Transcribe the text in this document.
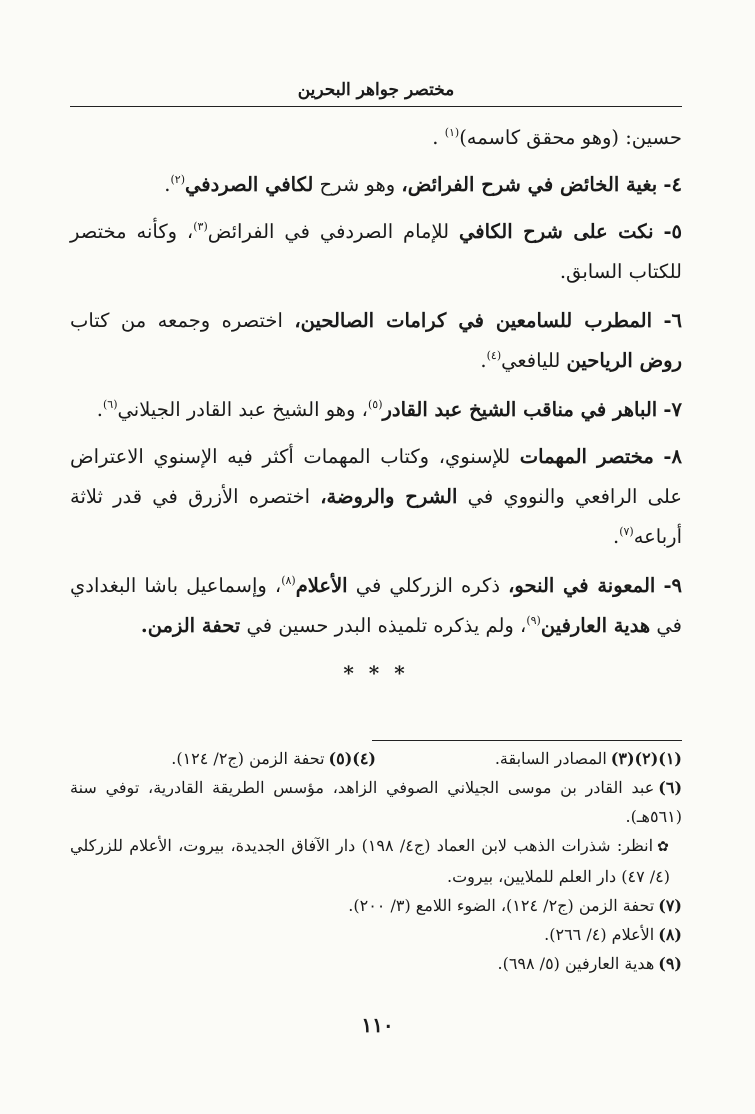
مختصر جواهر البحرين

حسين: (وهو محقق كاسمه)$^{(١)}$ .

٤- بغية الخائض في شرح الفرائض، وهو شرح لكافي الصردفي$^{(٢)}$.

٥- نكت على شرح الكافي للإمام الصردفي في الفرائض$^{(٣)}$، وكأنه مختصر للكتاب السابق.

٦- المطرب للسامعين في كرامات الصالحين، اختصره وجمعه من كتاب روض الرياحين لليافعي$^{(٤)}$.

٧- الباهر في مناقب الشيخ عبد القادر$^{(٥)}$، وهو الشيخ عبد القادر الجيلاني$^{(٦)}$.

٨- مختصر المهمات للإسنوي، وكتاب المهمات أكثر فيه الإسنوي الاعتراض على الرافعي والنووي في الشرح والروضة، اختصره الأزرق في قدر ثلاثة أرباعه$^{(٧)}$.

٩- المعونة في النحو، ذكره الزركلي في الأعلام$^{(٨)}$، وإسماعيل باشا البغدادي في هدية العارفين$^{(٩)}$، ولم يذكره تلميذه البدر حسين في تحفة الزمن.

* * *
(١)(٢)(٣)المصادر السابقة.
(٤)(٥)تحفة الزمن (ج٢/ ١٢٤).

(٦)عبد القادر بن موسى الجيلاني الصوفي الزاهد، مؤسس الطريقة القادرية، توفي سنة (٥٦١هـ).

✿انظر: شذرات الذهب لابن العماد (ج٤/ ١٩٨) دار الآفاق الجديدة، بيروت، الأعلام للزركلي (٤/ ٤٧) دار العلم للملايين، بيروت.

(٧)تحفة الزمن (ج٢/ ١٢٤)، الضوء اللامع (٣/ ٢٠٠).

(٨)الأعلام (٤/ ٢٦٦).

(٩)هدية العارفين (٥/ ٦٩٨).

١١٠
